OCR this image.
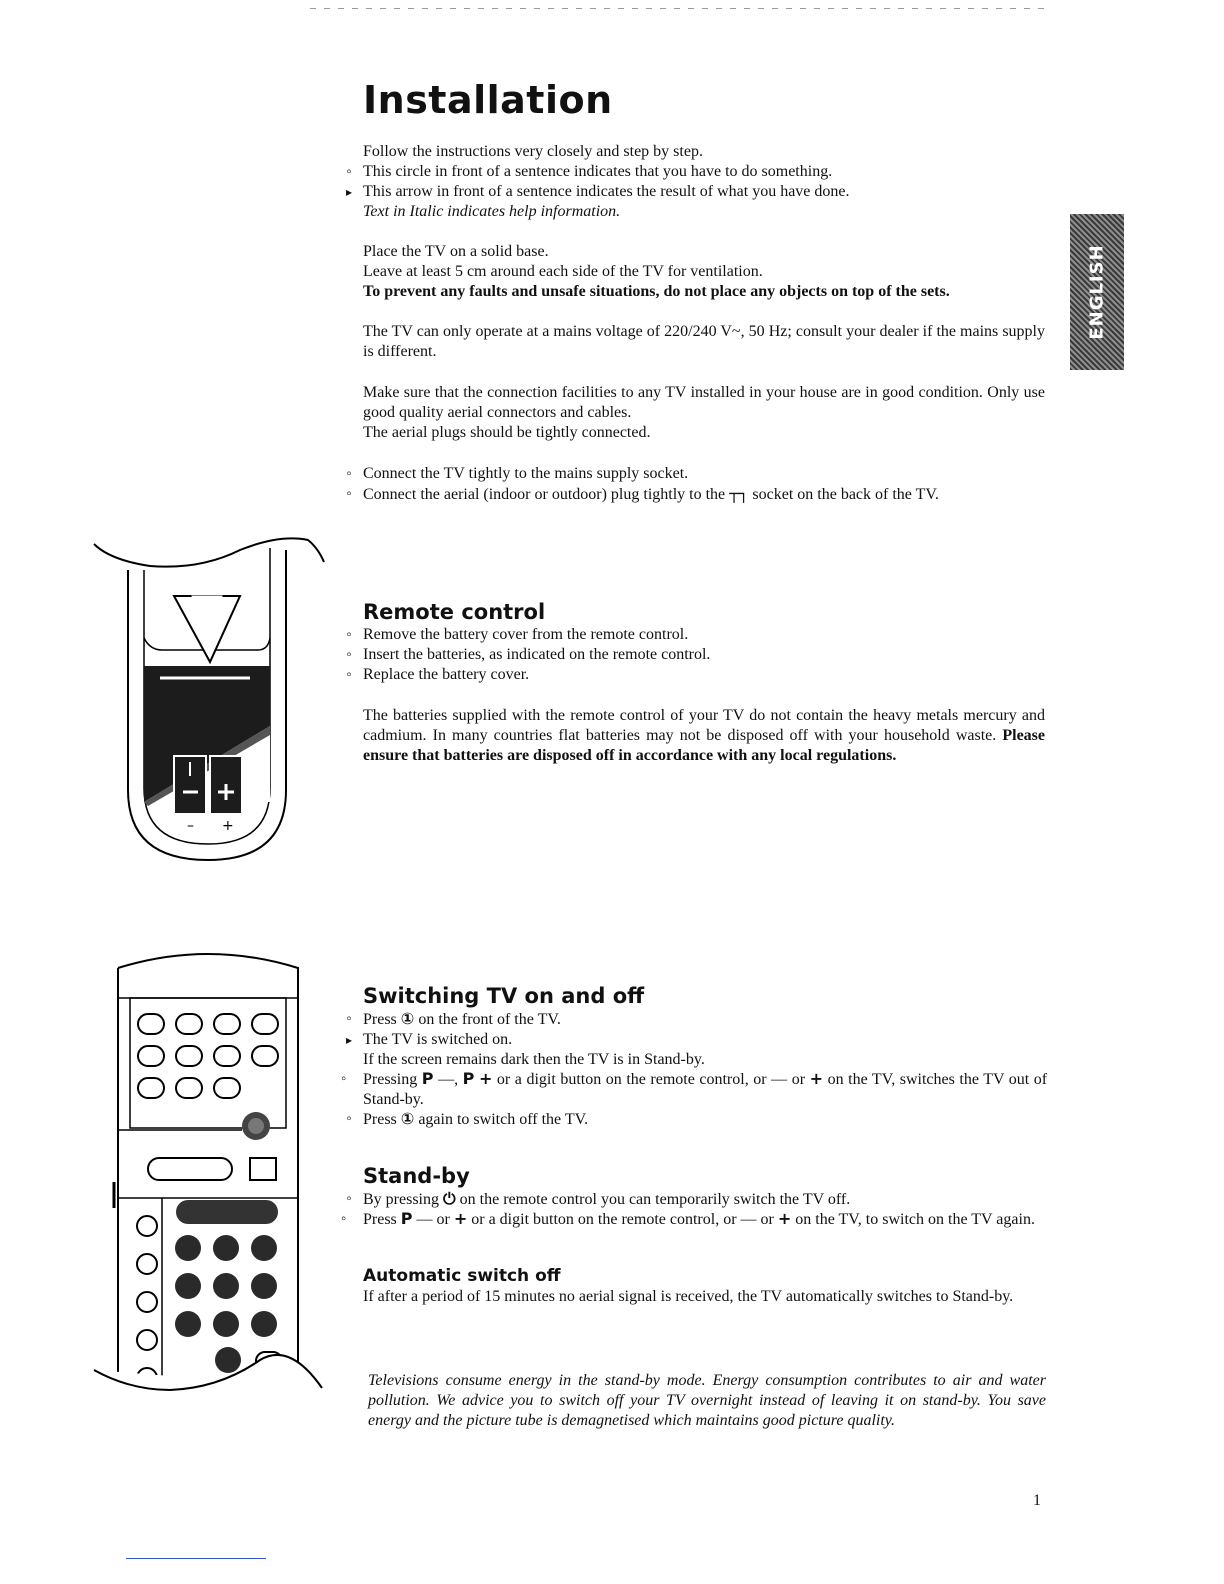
Installation
Follow the instructions very closely and step by step.
◦
This circle in front of a sentence indicates that you have to do something.
▸
This arrow in front of a sentence indicates the result of what you have done.
Text in Italic indicates help information.
Place the TV on a solid base.
Leave at least 5 cm around each side of the TV for ventilation.
To prevent any faults and unsafe situations, do not place any objects on top of the sets.
The TV can only operate at a mains voltage of 220/240 V~, 50 Hz; consult your dealer if the mains supply is different.
Make sure that the connection facilities to any TV installed in your house are in good condition. Only use good quality aerial connectors and cables.
The aerial plugs should be tightly connected.
◦
Connect the TV tightly to the mains supply socket.
◦
Connect the aerial (indoor or outdoor) plug tightly to the ┬┐ socket on the back of the TV.
ENGLISH
– +
Remote control
◦
Remove the battery cover from the remote control.
◦
Insert the batteries, as indicated on the remote control.
◦
Replace the battery cover.
The batteries supplied with the remote control of your TV do not contain the heavy metals mercury and cadmium. In many countries flat batteries may not be disposed off with your household waste. Please ensure that batteries are disposed off in accordance with any local regulations.
Switching TV on and off
◦
Press ① on the front of the TV.
▸
The TV is switched on.
If the screen remains dark then the TV is in Stand-by.
◦
Pressing P —, P + or a digit button on the remote control, or — or + on the TV, switches the TV out of Stand-by.
◦
Press ① again to switch off the TV.
Stand-by
◦
By pressing ⏻ on the remote control you can temporarily switch the TV off.
◦
Press P — or + or a digit button on the remote control, or — or + on the TV, to switch on the TV again.
Automatic switch off
If after a period of 15 minutes no aerial signal is received, the TV automatically switches to Stand-by.
Televisions consume energy in the stand-by mode. Energy consumption contributes to air and water pollution. We advice you to switch off your TV overnight instead of leaving it on stand-by. You save energy and the picture tube is demagnetised which maintains good picture quality.
1
